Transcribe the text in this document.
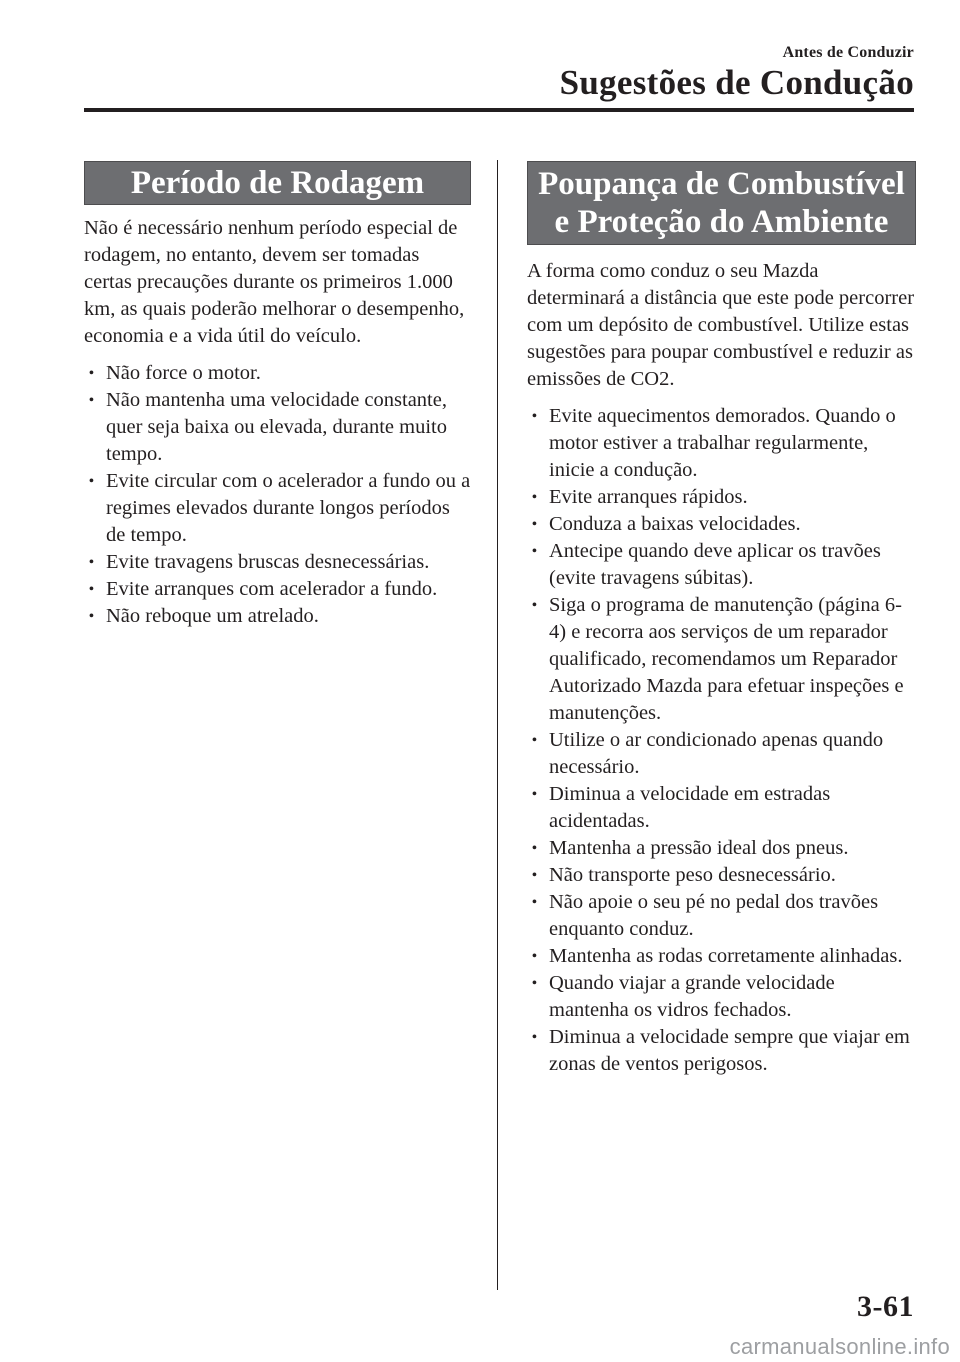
Antes de Conduzir
Sugestões de Condução
Período de Rodagem

Não é necessário nenhum período especial de rodagem, no entanto, devem ser tomadas certas precauções durante os primeiros 1.000 km, as quais poderão melhorar o desempenho, economia e a vida útil do veículo.

• Não force o motor.
• Não mantenha uma velocidade constante, quer seja baixa ou elevada, durante muito tempo.
• Evite circular com o acelerador a fundo ou a regimes elevados durante longos períodos de tempo.
• Evite travagens bruscas desnecessárias.
• Evite arranques com acelerador a fundo.
• Não reboque um atrelado.
Poupança de Combustível
e Proteção do Ambiente

A forma como conduz o seu Mazda determinará a distância que este pode percorrer com um depósito de combustível. Utilize estas sugestões para poupar combustível e reduzir as emissões de CO2.

• Evite aquecimentos demorados. Quando o motor estiver a trabalhar regularmente, inicie a condução.
• Evite arranques rápidos.
• Conduza a baixas velocidades.
• Antecipe quando deve aplicar os travões (evite travagens súbitas).
• Siga o programa de manutenção (página 6-4) e recorra aos serviços de um reparador qualificado, recomendamos um Reparador Autorizado Mazda para efetuar inspeções e manutenções.
• Utilize o ar condicionado apenas quando necessário.
• Diminua a velocidade em estradas acidentadas.
• Mantenha a pressão ideal dos pneus.
• Não transporte peso desnecessário.
• Não apoie o seu pé no pedal dos travões enquanto conduz.
• Mantenha as rodas corretamente alinhadas.
• Quando viajar a grande velocidade mantenha os vidros fechados.
• Diminua a velocidade sempre que viajar em zonas de ventos perigosos.
3-61
carmanualsonline.info
